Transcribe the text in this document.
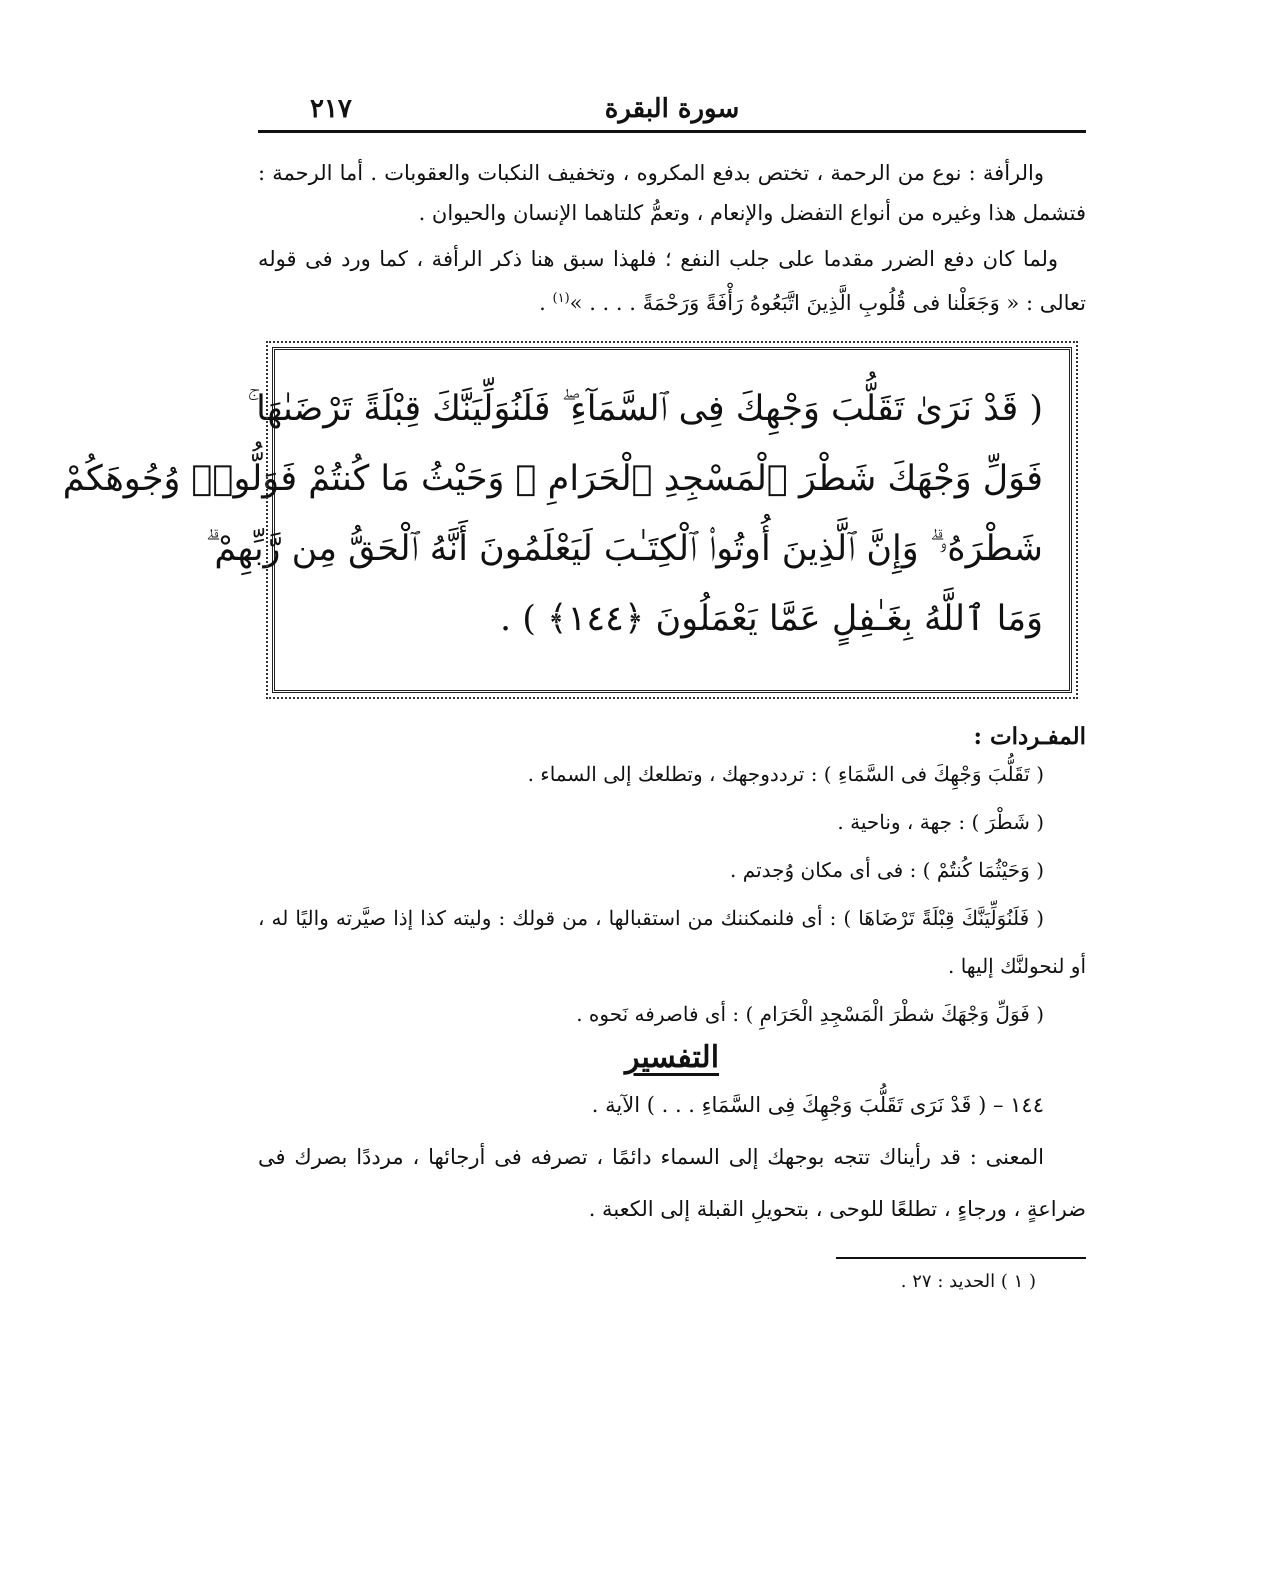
سورة البقرة
٢١٧

والرأفة : نوع من الرحمة ، تختص بدفع المكروه ، وتخفيف النكبات والعقوبات . أما الرحمة : فتشمل هذا وغيره من أنواع التفضل والإنعام ، وتعمُّ كلتاهما الإنسان والحيوان .

ولما كان دفع الضرر مقدما على جلب النفع ؛ فلهذا سبق هنا ذكر الرأفة ، كما ورد فى قوله تعالى : « وَجَعَلْنا فى قُلُوبِ الَّذِينَ اتَّبَعُوهُ رَأْفَةً وَرَحْمَةً . . . . »$^{(١)}$ .

( قَدْ نَرَىٰ تَقَلُّبَ وَجْهِكَ فِى ٱلسَّمَآءِ ۖ فَلَنُوَلِّيَنَّكَ قِبْلَةً تَرْضَىٰهَا ۚ
فَوَلِّ وَجْهَكَ شَطْرَ ٱلْمَسْجِدِ ٱلْحَرَامِ ۚ وَحَيْثُ مَا كُنتُمْ فَوَلُّوا۟ وُجُوهَكُمْ
شَطْرَهُۥ ۗ وَإِنَّ ٱلَّذِينَ أُوتُوا۟ ٱلْكِتَـٰبَ لَيَعْلَمُونَ أَنَّهُ ٱلْحَقُّ مِن رَّبِّهِمْ ۗ
وَمَا ٱللَّهُ بِغَـٰفِلٍ عَمَّا يَعْمَلُونَ ﴿١٤٤﴾ ) .
المفـردات :

( تَقَلُّبَ وَجْهِكَ فى السَّمَاءِ ) : ترددوجهك ، وتطلعك إلى السماء .

( شَطْرَ ) : جهة ، وناحية .

( وَحَيْثُمَا كُنتُمْ ) : فى أى مكان وُجدتم .

( فَلَنُوَلِّيَنَّكَ قِبْلَةً تَرْضَاهَا ) : أى فلنمكننك من استقبالها ، من قولك : وليته كذا إذا صيَّرته واليًا له ، أو لنحولنَّك إليها .

( فَوَلِّ وَجْهَكَ شطْرَ الْمَسْجِدِ الْحَرَامِ ) : أى فاصرفه نَحوه .

التفسير

١٤٤ – ( قَدْ نَرَى تَقَلُّبَ وَجْهِكَ فِى السَّمَاءِ . . . ) الآية .

المعنى : قد رأيناك تتجه بوجهك إلى السماء دائمًا ، تصرفه فى أرجائها ، مرددًا بصرك فى ضراعةٍ ، ورجاءٍ ، تطلعًا للوحى ، بتحويلِ القبلة إلى الكعبة .

( ١ ) الحديد : ٢٧ .
